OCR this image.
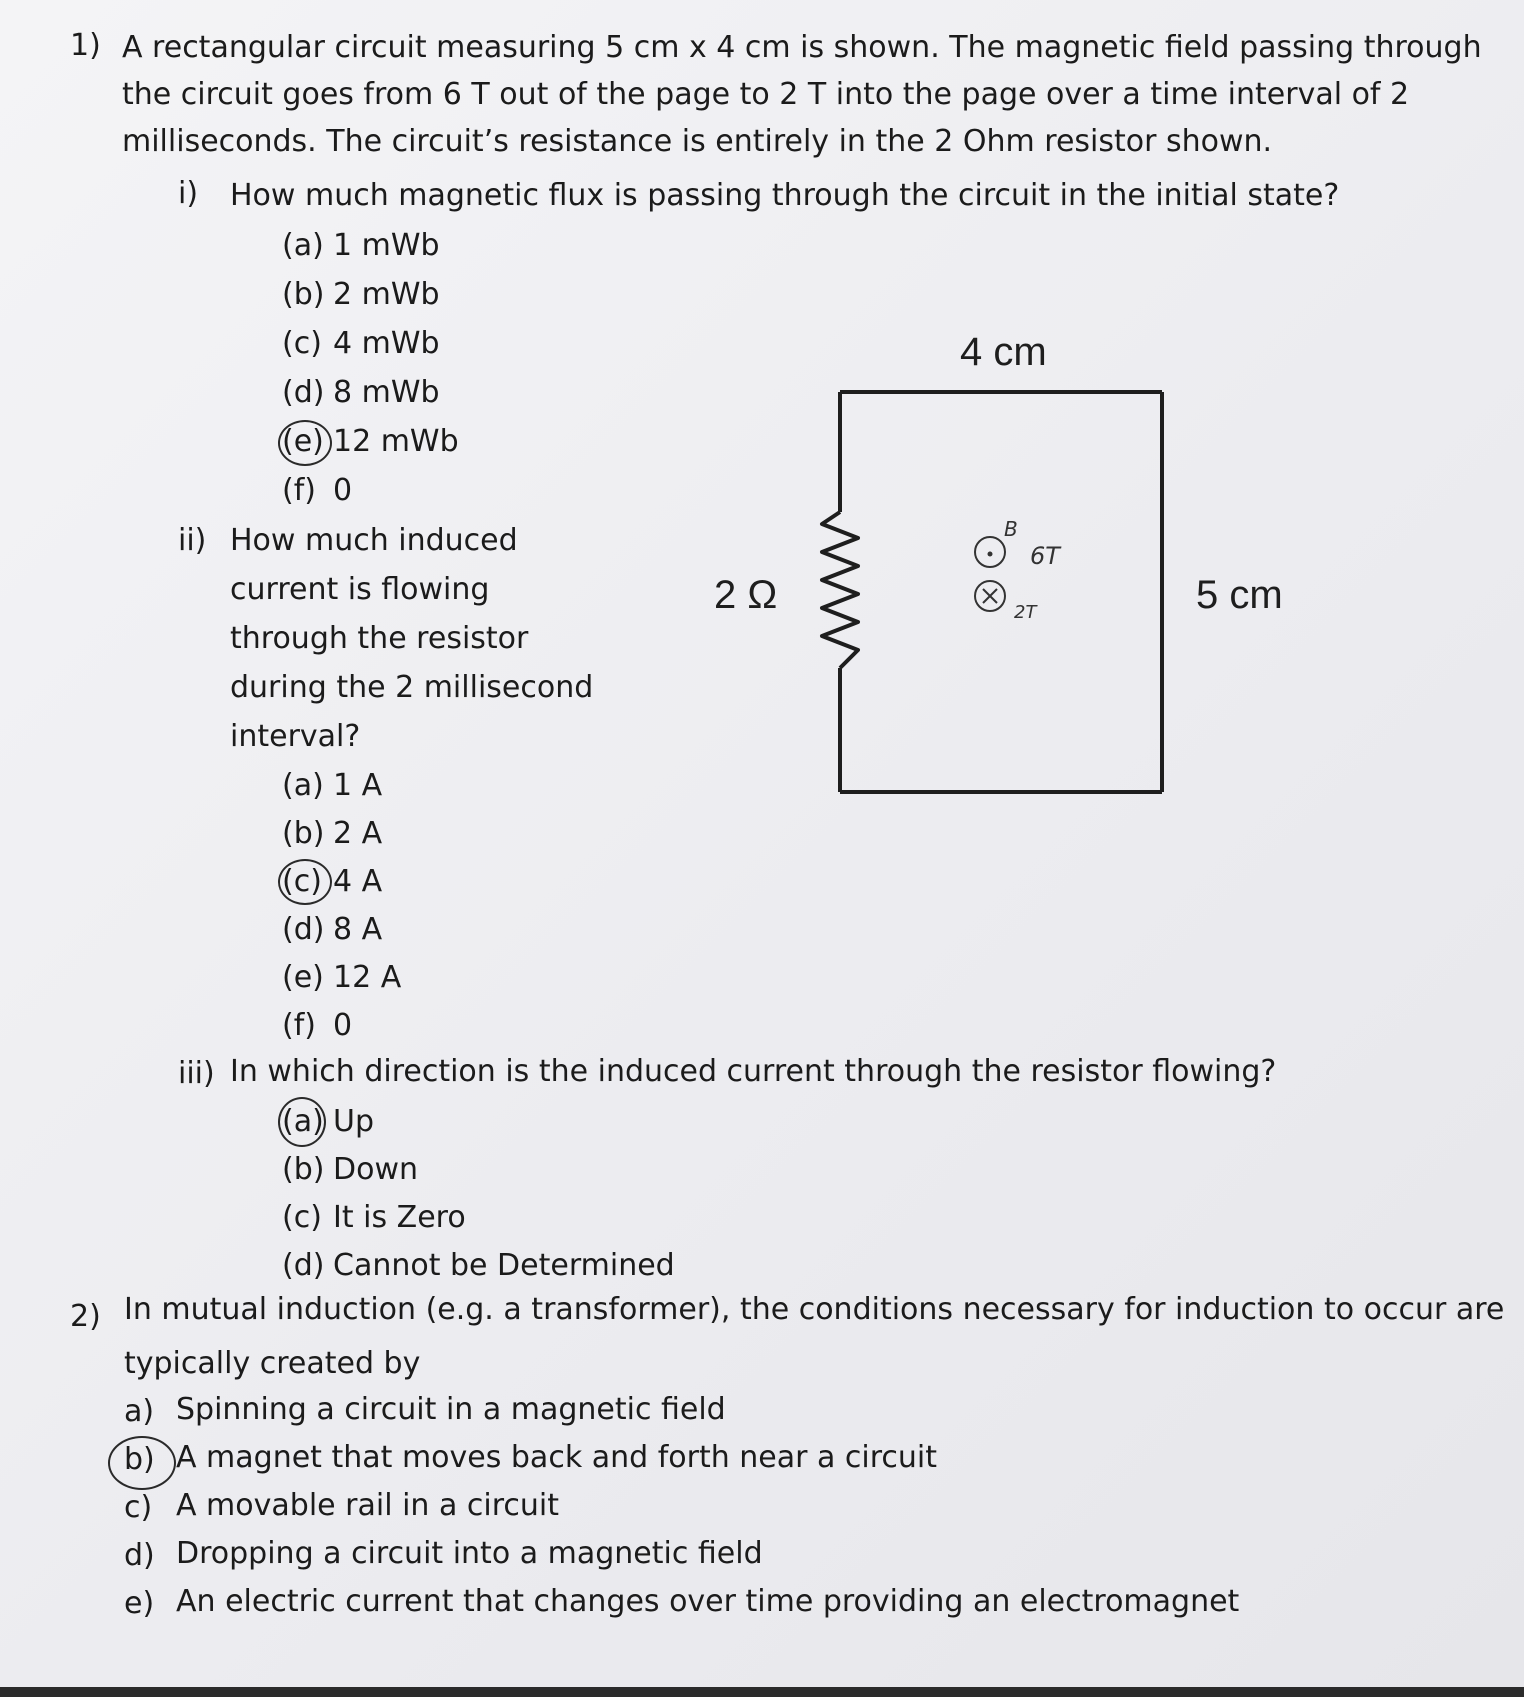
1) A rectangular circuit measuring 5 cm x 4 cm is shown. The magnetic field passing through
the circuit goes from 6 T out of the page to 2 T into the page over a time interval of 2
milliseconds. The circuit’s resistance is entirely in the 2 Ohm resistor shown.
i) How much magnetic flux is passing through the circuit in the initial state?
(a) 1 mWb
(b) 2 mWb
(c) 4 mWb
(d) 8 mWb
(e) 12 mWb
(f) 0
ii) How much induced
current is flowing
through the resistor
during the 2 millisecond
interval?
(a) 1 A
(b) 2 A
(c) 4 A
(d) 8 A
(e) 12 A
(f) 0
iii) In which direction is the induced current through the resistor flowing?
(a) Up
(b) Down
(c) It is Zero
(d) Cannot be Determined
2) In mutual induction (e.g. a transformer), the conditions necessary for induction to occur are
typically created by
a) Spinning a circuit in a magnetic field
b) A magnet that moves back and forth near a circuit
c) A movable rail in a circuit
d) Dropping a circuit into a magnetic field
e) An electric current that changes over time providing an electromagnet
4 cm
5 cm
2 Ω
B
6T
2T
